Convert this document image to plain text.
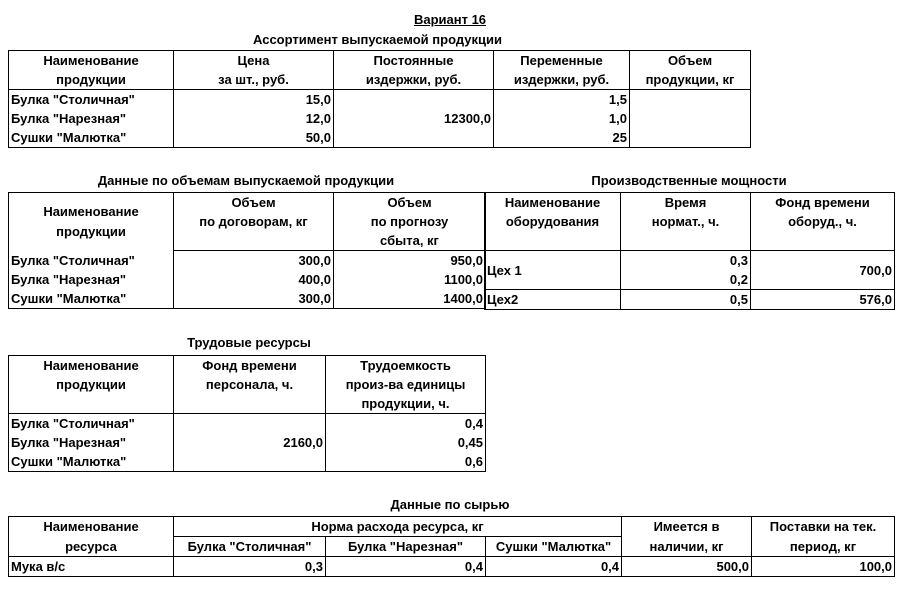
Вариант 16
Ассортимент выпускаемой продукции
Наименование	Цена	Постоянные	Переменные	Объем
продукции	за шт., руб.	издержки, руб.	издержки, руб.	продукции, кг
Булка "Столичная"	15,0		1,5	
Булка "Нарезная"	12,0	12300,0	1,0	
Сушки "Малютка"	50,0		25	
Данные по объемам выпускаемой продукции	Производственные мощности
Наименование
продукции	Объем	Объем
	по договорам, кг	по прогнозу
		сбыта, кг
Булка "Столичная"	300,0	950,0
Булка "Нарезная"	400,0	1100,0
Сушки "Малютка"	300,0	1400,0
Наименование	Время	Фонд времени
оборудования	нормат., ч.	оборуд., ч.

Цех 1	0,3	700,0
	0,2	
Цех2	0,5	576,0
Трудовые ресурсы
Наименование	Фонд времени	Трудоемкость
продукции	персонала, ч.	произ-ва единицы
		продукции, ч.
Булка "Столичная"		0,4
Булка "Нарезная"	2160,0	0,45
Сушки "Малютка"		0,6
Данные по сырью
Наименование	Норма расхода ресурса, кг			Имеется в	Поставки на тек.
ресурса	Булка "Столичная"	Булка "Нарезная"	Сушки "Малютка"	наличии, кг	период, кг
Мука в/с	0,3	0,4	0,4	500,0	100,0
